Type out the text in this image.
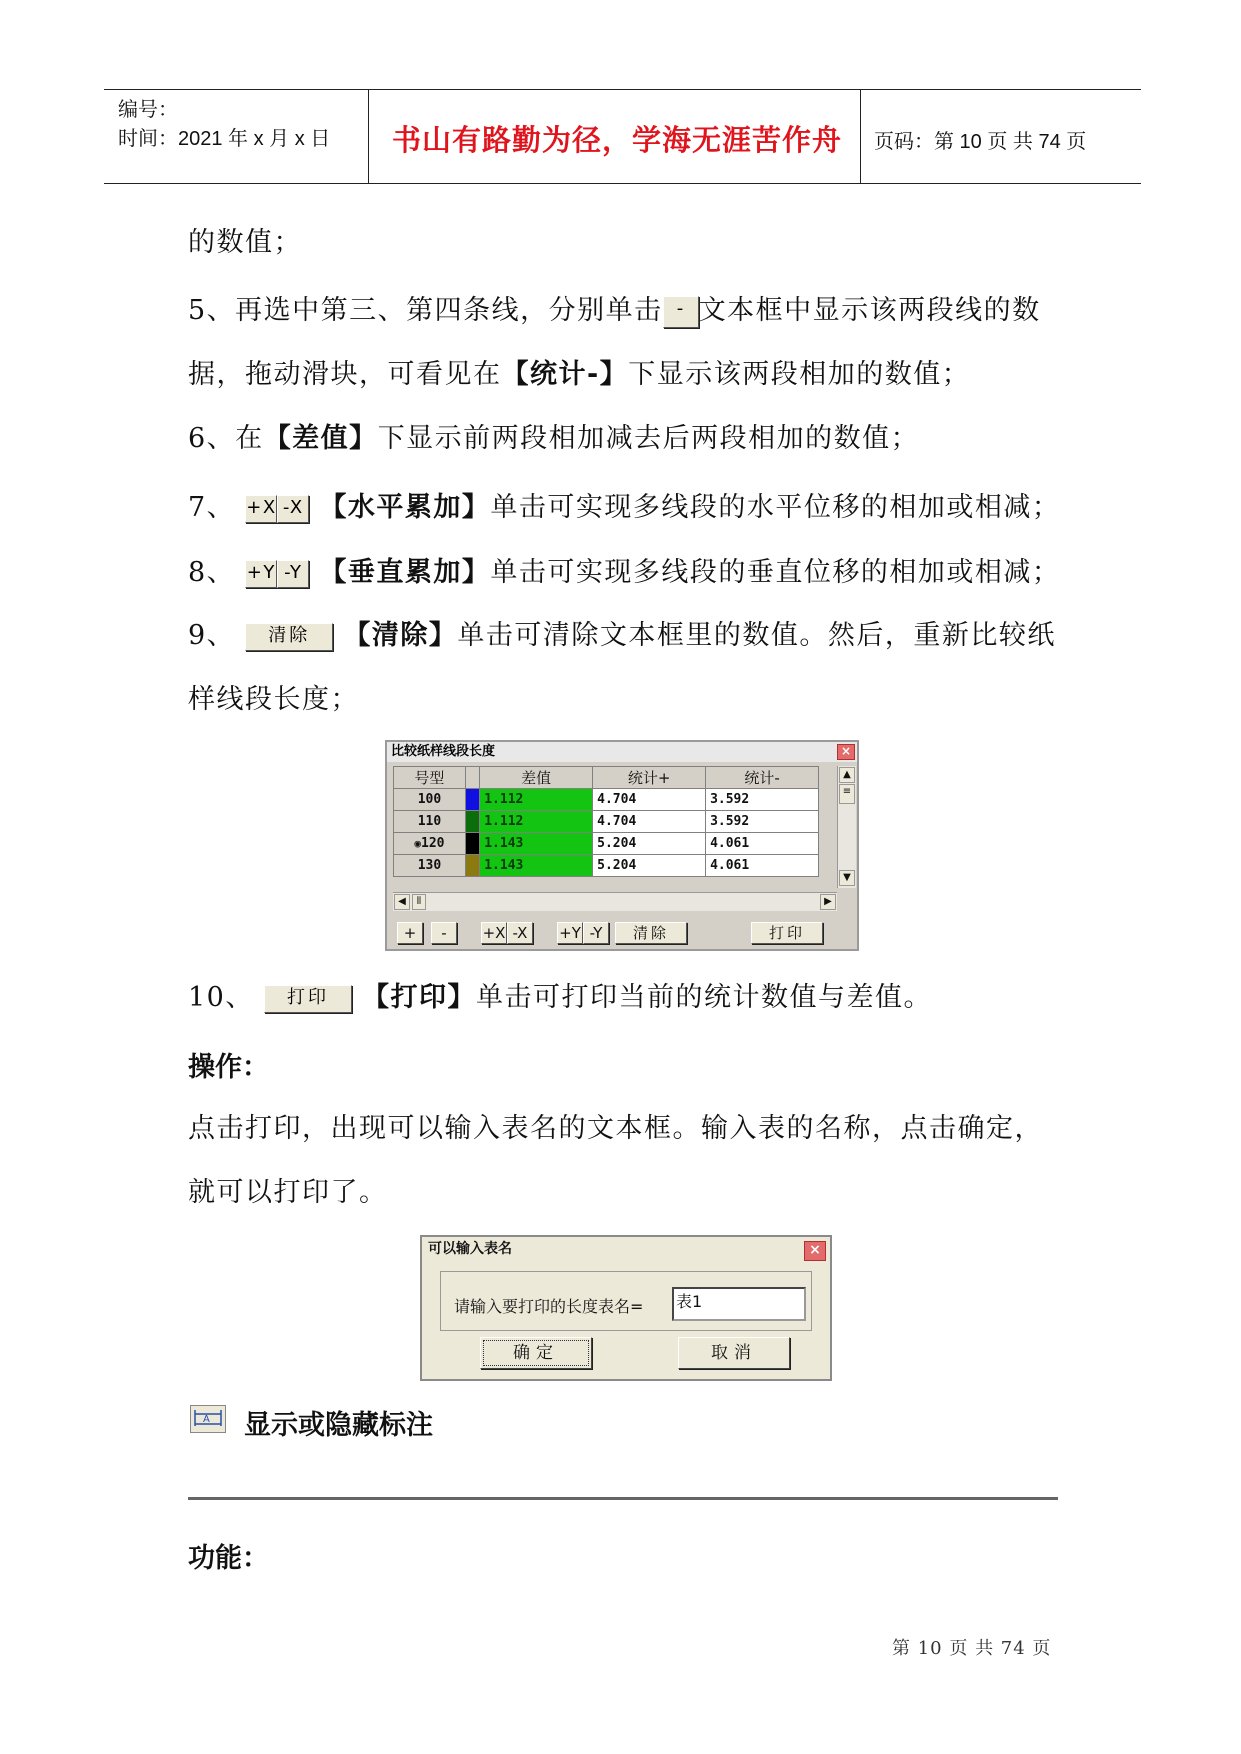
编号：
时间：2021 年 x 月 x 日 书山有路勤为径，学海无涯苦作舟 页码：第 10 页 共 74 页
的数值；
5、再选中第三、第四条线，分别单击 - 文本框中显示该两段线的数
据，拖动滑块，可看见在【统计-】下显示该两段相加的数值；
6、在【差值】下显示前两段相加减去后两段相加的数值；
7、 +X -X 【水平累加】单击可实现多线段的水平位移的相加或相减；
8、 +Y -Y 【垂直累加】单击可实现多线段的垂直位移的相加或相减；
9、 清除 【清除】单击可清除文本框里的数值。然后，重新比较纸
样线段长度；
比较纸样线段长度	×
号型		差值	统计+	统计-
100		1.112	4.704	3.592
110		1.112	4.704	3.592
◉120		1.143	5.204	4.061
130		1.143	5.204	4.061
▲
≡
▼
◀	⦀	▶
+	-	+X -X	+Y -Y	清除	打印
10、 打印 【打印】单击可打印当前的统计数值与差值。
操作：
点击打印，出现可以输入表名的文本框。输入表的名称，点击确定，
就可以打印了。
可以输入表名	×
请输入要打印的长度表名= 表1
确定	取消
A 显示或隐藏标注
功能：
第 10 页 共 74 页
